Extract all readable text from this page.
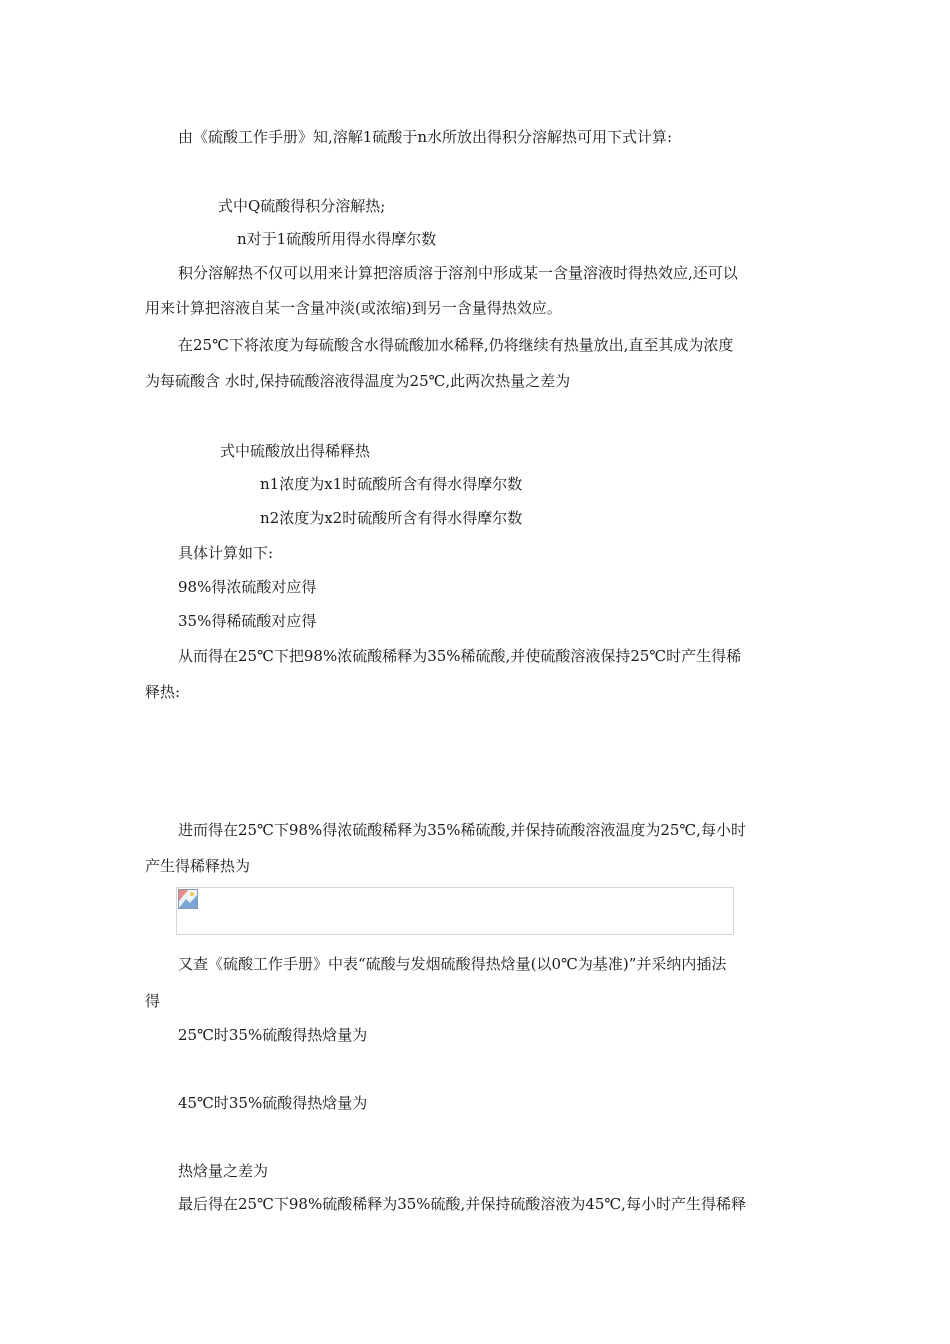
由《硫酸工作手册》知,溶解1硫酸于n水所放出得积分溶解热可用下式计算:
式中Q硫酸得积分溶解热;
n对于1硫酸所用得水得摩尔数
积分溶解热不仅可以用来计算把溶质溶于溶剂中形成某一含量溶液时得热效应,还可以
用来计算把溶液自某一含量冲淡(或浓缩)到另一含量得热效应。
在25℃下将浓度为每硫酸含水得硫酸加水稀释,仍将继续有热量放出,直至其成为浓度
为每硫酸含 水时,保持硫酸溶液得温度为25℃,此两次热量之差为
式中硫酸放出得稀释热
n1浓度为x1时硫酸所含有得水得摩尔数
n2浓度为x2时硫酸所含有得水得摩尔数
具体计算如下:
98%得浓硫酸对应得
35%得稀硫酸对应得
从而得在25℃下把98%浓硫酸稀释为35%稀硫酸,并使硫酸溶液保持25℃时产生得稀
释热:
进而得在25℃下98%得浓硫酸稀释为35%稀硫酸,并保持硫酸溶液温度为25℃,每小时
产生得稀释热为
又查《硫酸工作手册》中表“硫酸与发烟硫酸得热焓量(以0℃为基准)”并采纳内插法
得
25℃时35%硫酸得热焓量为
45℃时35%硫酸得热焓量为
热焓量之差为
最后得在25℃下98%硫酸稀释为35%硫酸,并保持硫酸溶液为45℃,每小时产生得稀释
